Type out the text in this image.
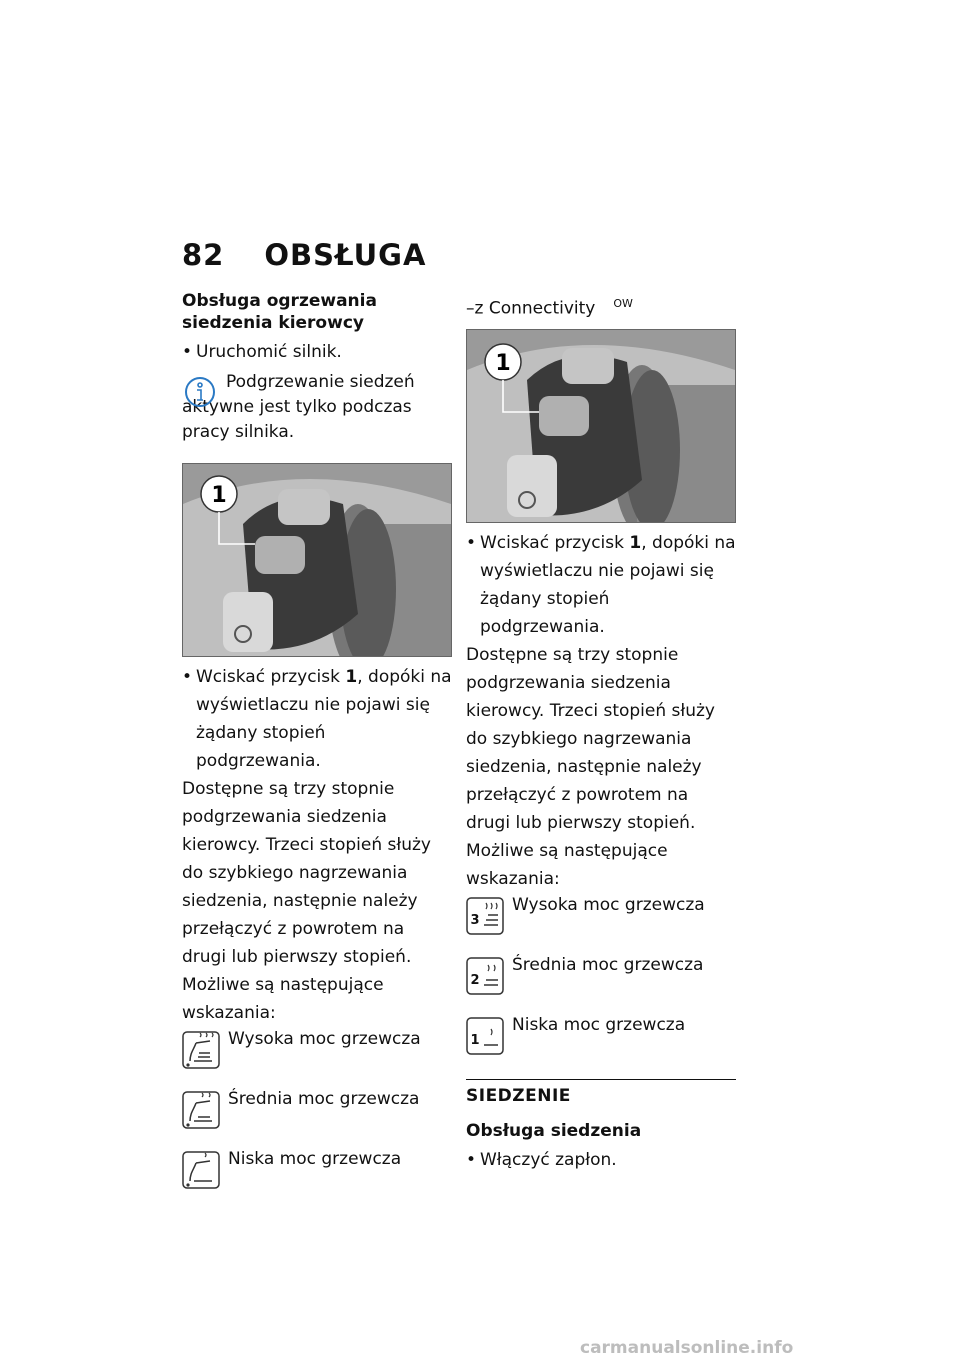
82 OBSŁUGA
Obsługa ogrzewania siedzenia kierowcy
• Uruchomić silnik.
Podgrzewanie siedzeń aktywne jest tylko podczas pracy silnika.
1
• Wciskać przycisk 1, dopóki na wyświetlaczu nie pojawi się żądany stopień podgrzewania.
Dostępne są trzy stopnie podgrzewania siedzenia kierowcy. Trzeci stopień służy do szybkiego nagrzewania siedzenia, następnie należy przełączyć z powrotem na drugi lub pierwszy stopień. Możliwe są następujące wskazania:
Wysoka moc grzewcza
Średnia moc grzewcza
Niska moc grzewcza
–z Connectivity $^{OW}$
1
• Wciskać przycisk 1, dopóki na wyświetlaczu nie pojawi się żądany stopień podgrzewania.
Dostępne są trzy stopnie podgrzewania siedzenia kierowcy. Trzeci stopień służy do szybkiego nagrzewania siedzenia, następnie należy przełączyć z powrotem na drugi lub pierwszy stopień. Możliwe są następujące wskazania:
3
Wysoka moc grzewcza
2
Średnia moc grzewcza
1
Niska moc grzewcza
SIEDZENIE
Obsługa siedzenia
• Włączyć zapłon.
carmanualsonline.info
